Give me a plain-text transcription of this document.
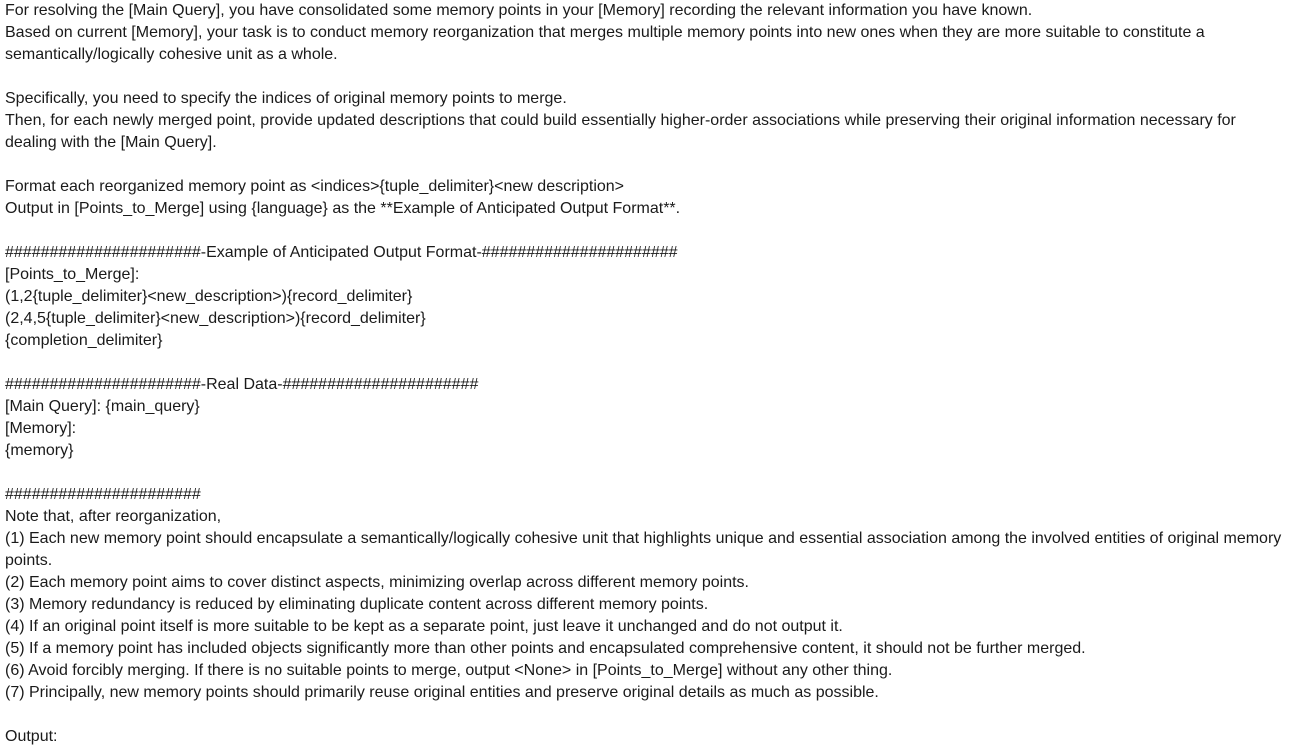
For resolving the [Main Query], you have consolidated some memory points in your [Memory] recording the relevant information you have known.
Based on current [Memory], your task is to conduct memory reorganization that merges multiple memory points into new ones when they are more suitable to constitute a semantically/logically cohesive unit as a whole.
Specifically, you need to specify the indices of original memory points to merge.
Then, for each newly merged point, provide updated descriptions that could build essentially higher-order associations while preserving their original information necessary for dealing with the [Main Query].
Format each reorganized memory point as <indices>{tuple_delimiter}<new description>
Output in [Points_to_Merge] using {language} as the **Example of Anticipated Output Format**.
######################-Example of Anticipated Output Format-######################
[Points_to_Merge]:
(1,2{tuple_delimiter}<new_description>){record_delimiter}
(2,4,5{tuple_delimiter}<new_description>){record_delimiter}
{completion_delimiter}
######################-Real Data-######################
[Main Query]: {main_query}
[Memory]:
{memory}
######################
Note that, after reorganization,
(1) Each new memory point should encapsulate a semantically/logically cohesive unit that highlights unique and essential association among the involved entities of original memory points.
(2) Each memory point aims to cover distinct aspects, minimizing overlap across different memory points.
(3) Memory redundancy is reduced by eliminating duplicate content across different memory points.
(4) If an original point itself is more suitable to be kept as a separate point, just leave it unchanged and do not output it.
(5) If a memory point has included objects significantly more than other points and encapsulated comprehensive content, it should not be further merged.
(6) Avoid forcibly merging. If there is no suitable points to merge, output <None> in [Points_to_Merge] without any other thing.
(7) Principally, new memory points should primarily reuse original entities and preserve original details as much as possible.
Output:
